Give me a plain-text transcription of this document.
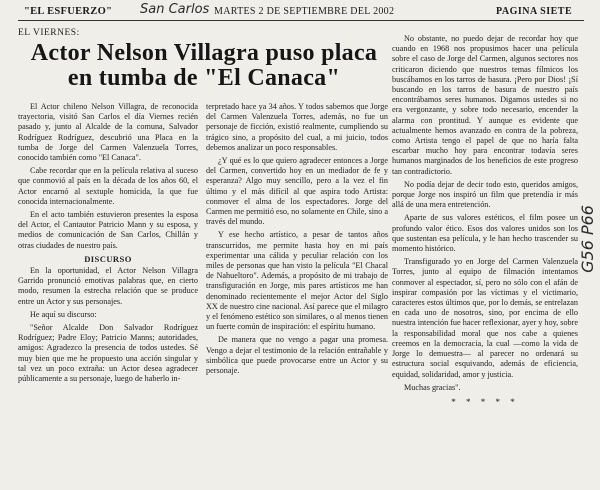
"EL ESFUERZO" San Carlos MARTES 2 DE SEPTIEMBRE DEL 2002	PAGINA SIETE
EL VIERNES:
Actor Nelson Villagra puso placa en tumba de "El Canaca"

El Actor chileno Nelson Villagra, de reconocida trayectoria, visitó San Carlos el día Viernes recién pasado y, junto al Alcalde de la comuna, Salvador Rodríguez Rodríguez, descubrió una Placa en la tumba de Jorge del Carmen Valenzuela Torres, conocido también como "El Canaca".

Cabe recordar que en la película relativa al suceso que conmovió al país en la década de los años 60, el Actor encarnó al sextuple homicida, la que fue conocida internacionalmente.

En el acto también estuvieron presentes la esposa del Actor, el Cantautor Patricio Mann y su esposa, y medios de comunicación de San Carlos, Chillán y otras ciudades de nuestro país.

DISCURSO

En la oportunidad, el Actor Nelson Villagra Garrido pronunció emotivas palabras que, en cierto modo, resumen la estrecha relación que se produce entre un Actor y sus personajes.

He aquí su discurso:

"Señor Alcalde Don Salvador Rodríguez Rodríguez; Padre Eloy; Patricio Manns; autoridades, amigos: Agradezco la presencia de todos ustedes. Sé muy bien que me he propuesto una acción singular y tal vez un poco extraña: un Actor desea agradecer públicamente a su personaje, luego de haberlo in-

terpretado hace ya 34 años. Y todos sabemos que Jorge del Carmen Valenzuela Torres, además, no fue un personaje de ficción, existió realmente, cumpliendo su trágico sino, a propósito del cual, a mi juicio, todos debemos analizar un poco responsables.

¿Y qué es lo que quiero agradecer entonces a Jorge del Carmen, convertido hoy en un mediador de fe y esperanza? Algo muy sencillo, pero a la vez el fin último y el más difícil al que aspira todo Artista: conmover el alma de los espectadores. Jorge del Carmen me permitió eso, no solamente en Chile, sino a través del mundo.

Y ese hecho artístico, a pesar de tantos años transcurridos, me permite hasta hoy en mi país experimentar una cálida y peculiar relación con los miles de personas que han visto la película "El Chacal de Nahueltoro". Además, a propósito de mi trabajo de transfiguración en Jorge, mis pares artísticos me han denominado recientemente el mejor Actor del Siglo XX de nuestro cine nacional. Así parece que el milagro y el fenómeno estético son similares, o al menos tienen un fuerte común de inspiración: el espíritu humano.

De manera que no vengo a pagar una promesa. Vengo a dejar el testimonio de la relación entrañable y simbólica que puede provocarse entre un Actor y su personaje.

No obstante, no puedo dejar de recordar hoy que cuando en 1968 nos propusimos hacer una película sobre el caso de Jorge del Carmen, algunos sectores nos criticaron diciendo que nuestros temas fílmicos los buscábamos en los tarros de basura. ¡Pero por Dios! ¡Sí buscando en los tarros de basura de nuestro país encontrábamos seres humanos. Digamos ustedes si no era vergonzante, y sobre todo necesario, encender la alarma con prontitud. Y aunque es evidente que actualmente hemos avanzado en contra de la pobreza, como Artista tengo el papel de que no haría falta escarbar mucho hoy para encontrar todavía seres humanos marginados de los beneficios de este progreso tan contradictorio.

No podía dejar de decir todo esto, queridos amigos, porque Jorge nos inspiró un film que pretendía ir más allá de una mera entretención.

Aparte de sus valores estéticos, el film posee un profundo valor ético. Esos dos valores unidos son los que sustentan esa película, y le han hecho trascender su momento histórico.

Transfigurado yo en Jorge del Carmen Valenzuela Torres, junto al equipo de filmación intentamos conmover al espectador, sí, pero no sólo con el afán de inspirar compasión por las víctimas y el victimario, caracteres estos últimos que, por lo demás, se entrelazan en cada uno de nosotros, sino, por encima de ello nuestra intención fue hacer reflexionar, ayer y hoy, sobre la responsabilidad moral que nos cabe a quienes creemos en la democracia, la cual —como la vida de Jorge lo demuestra— al parecer no ordenará su estructura social esquivando, además de eficiencia, equidad, solidaridad, amor y justicia.

Muchas gracias".

* * * * *
G56 P66
